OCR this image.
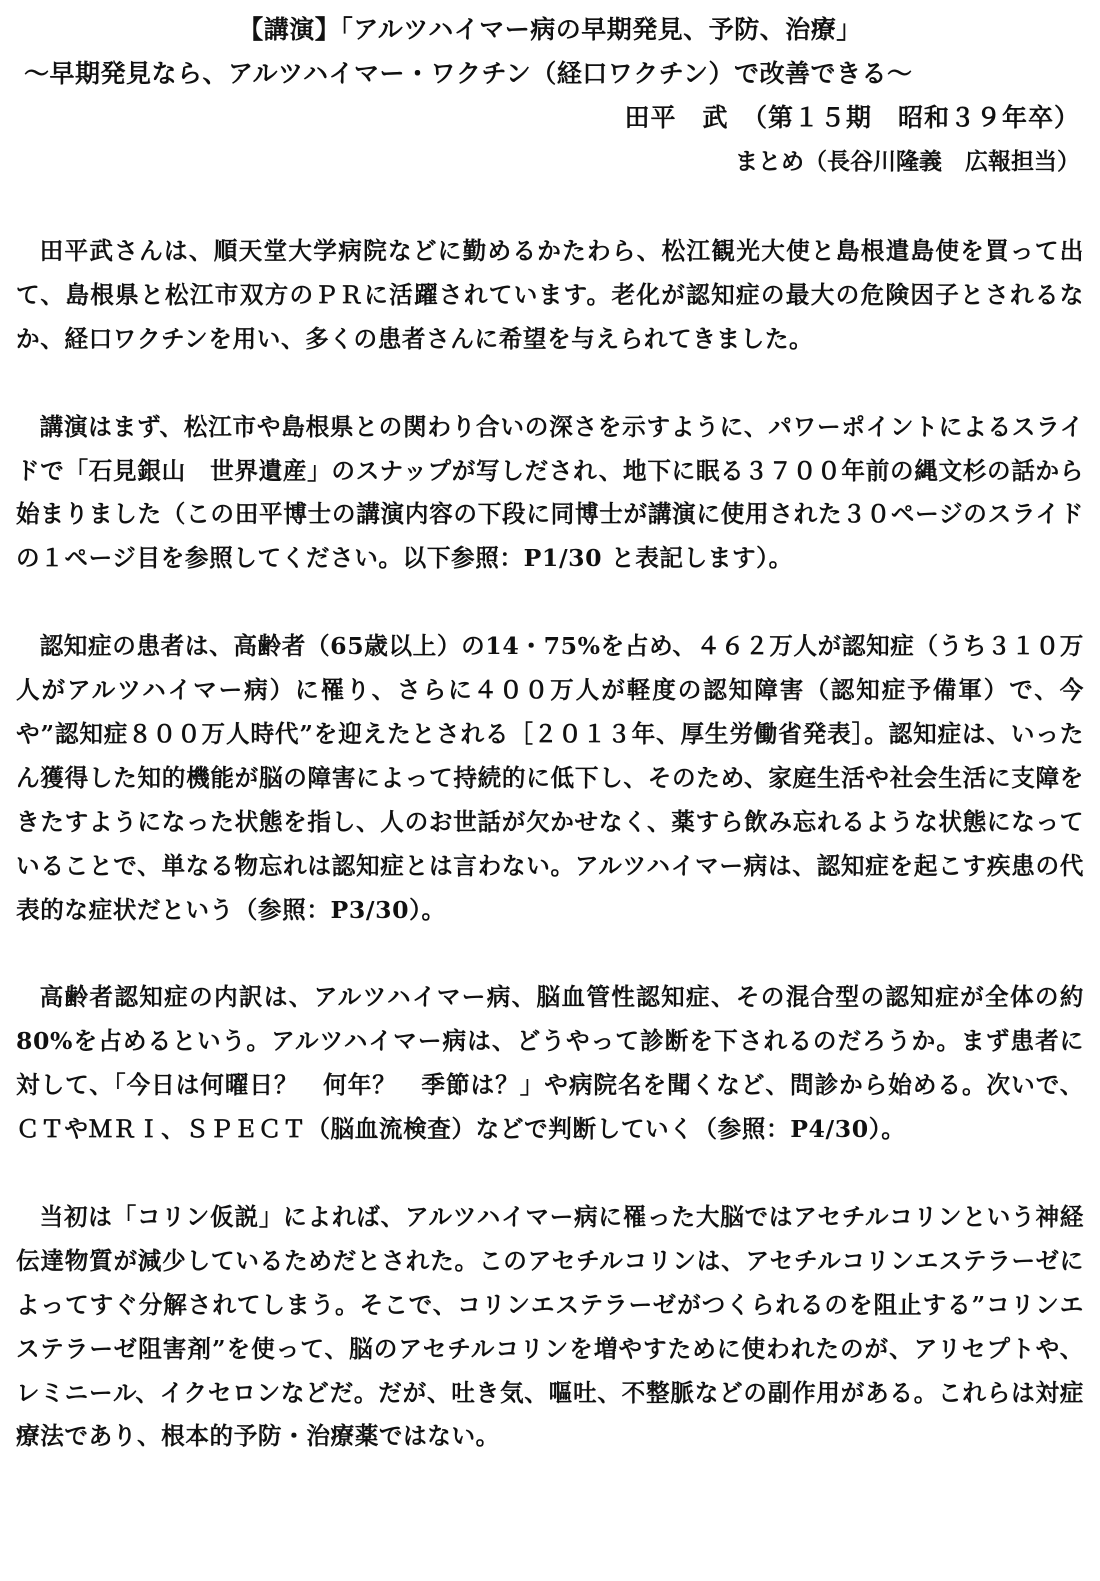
【講演】「アルツハイマー病の早期発見、予防、治療」
～早期発見なら、アルツハイマー・ワクチン（経口ワクチン）で改善できる～
田平　武　（第１５期　昭和３９年卒）
まとめ（長谷川隆義　広報担当）

田平武さんは、順天堂大学病院などに勤めるかたわら、松江観光大使と島根遣島使を買って出て、島根県と松江市双方のＰＲに活躍されています。老化が認知症の最大の危険因子とされるなか、経口ワクチンを用い、多くの患者さんに希望を与えられてきました。

講演はまず、松江市や島根県との関わり合いの深さを示すように、パワーポイントによるスライドで「石見銀山　世界遺産」のスナップが写しだされ、地下に眠る３７００年前の縄文杉の話から始まりました（この田平博士の講演内容の下段に同博士が講演に使用された３０ページのスライドの１ページ目を参照してください。以下参照：P1/30 と表記します）。

認知症の患者は、高齢者（65歳以上）の14・75%を占め、４６２万人が認知症（うち３１０万人がアルツハイマー病）に罹り、さらに４００万人が軽度の認知障害（認知症予備軍）で、今や”認知症８００万人時代”を迎えたとされる［２０１３年、厚生労働省発表］。認知症は、いったん獲得した知的機能が脳の障害によって持続的に低下し、そのため、家庭生活や社会生活に支障をきたすようになった状態を指し、人のお世話が欠かせなく、薬すら飲み忘れるような状態になっていることで、単なる物忘れは認知症とは言わない。アルツハイマー病は、認知症を起こす疾患の代表的な症状だという（参照：P3/30）。

高齢者認知症の内訳は、アルツハイマー病、脳血管性認知症、その混合型の認知症が全体の約80%を占めるという。アルツハイマー病は、どうやって診断を下されるのだろうか。まず患者に対して、「今日は何曜日？　何年？　季節は？」や病院名を聞くなど、問診から始める。次いで、ＣＴやＭＲＩ、ＳＰＥＣＴ（脳血流検査）などで判断していく（参照：P4/30）。

当初は「コリン仮説」によれば、アルツハイマー病に罹った大脳ではアセチルコリンという神経伝達物質が減少しているためだとされた。このアセチルコリンは、アセチルコリンエステラーゼによってすぐ分解されてしまう。そこで、コリンエステラーゼがつくられるのを阻止する”コリンエステラーゼ阻害剤”を使って、脳のアセチルコリンを増やすために使われたのが、アリセプトや、レミニール、イクセロンなどだ。だが、吐き気、嘔吐、不整脈などの副作用がある。これらは対症療法であり、根本的予防・治療薬ではない。
